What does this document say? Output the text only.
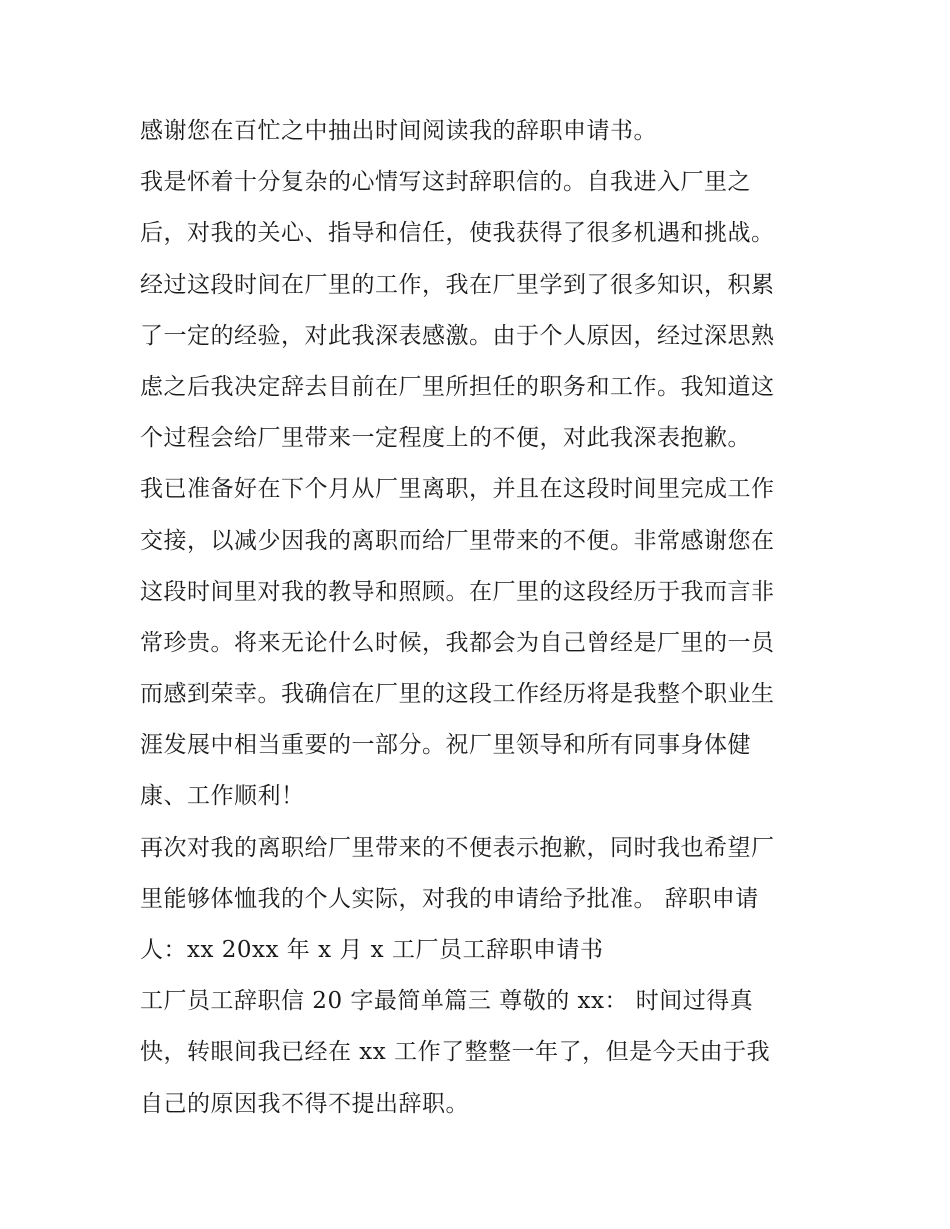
感谢您在百忙之中抽出时间阅读我的辞职申请书。
我是怀着十分复杂的心情写这封辞职信的。自我进入厂里之
后，对我的关心、指导和信任，使我获得了很多机遇和挑战。
经过这段时间在厂里的工作，我在厂里学到了很多知识，积累
了一定的经验，对此我深表感激。由于个人原因，经过深思熟
虑之后我决定辞去目前在厂里所担任的职务和工作。我知道这
个过程会给厂里带来一定程度上的不便，对此我深表抱歉。
我已准备好在下个月从厂里离职，并且在这段时间里完成工作
交接，以减少因我的离职而给厂里带来的不便。非常感谢您在
这段时间里对我的教导和照顾。在厂里的这段经历于我而言非
常珍贵。将来无论什么时候，我都会为自己曾经是厂里的一员
而感到荣幸。我确信在厂里的这段工作经历将是我整个职业生
涯发展中相当重要的一部分。祝厂里领导和所有同事身体健
康、工作顺利！
再次对我的离职给厂里带来的不便表示抱歉，同时我也希望厂
里能够体恤我的个人实际，对我的申请给予批准。 辞职申请
人：xx 20xx 年 x 月 x 工厂员工辞职申请书
工厂员工辞职信 20 字最简单篇三 尊敬的 xx： 时间过得真
快，转眼间我已经在 xx 工作了整整一年了，但是今天由于我
自己的原因我不得不提出辞职。
